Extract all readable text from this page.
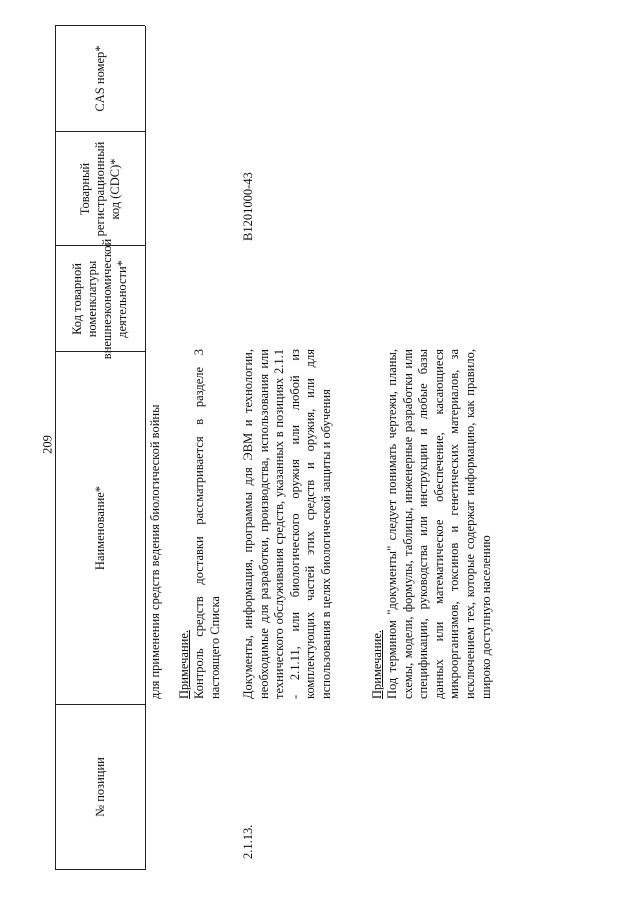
209
№ позиции
Наименование*
Код товарной номенклатуры внешнеэкономической деятельности*
Товарный регистрационный код (CDC)*
CAS номер*
для применения средств ведения биологической войны Примечание. Контроль средств доставки рассматривается в разделе 3 настоящего Списка
2.1.13.
Документы, информация, программы для ЭВМ и технологии, необходимые для разработки, производства, использования или технического обслуживания средств, указанных в позициях 2.1.1 - 2.1.11, или биологического оружия или любой из комплектующих частей этих средств и оружия, или для использования в целях биологической защиты и обучения
В1201000-43
Примечание. Под термином "документы" следует понимать чертежи, планы, схемы, модели, формулы, таблицы, инженерные разработки или спецификации, руководства или инструкции и любые базы данных или математическое обеспечение, касающиеся микроорганизмов, токсинов и генетических материалов, за исключением тех, которые содержат информацию, как правило, широко доступную населению
